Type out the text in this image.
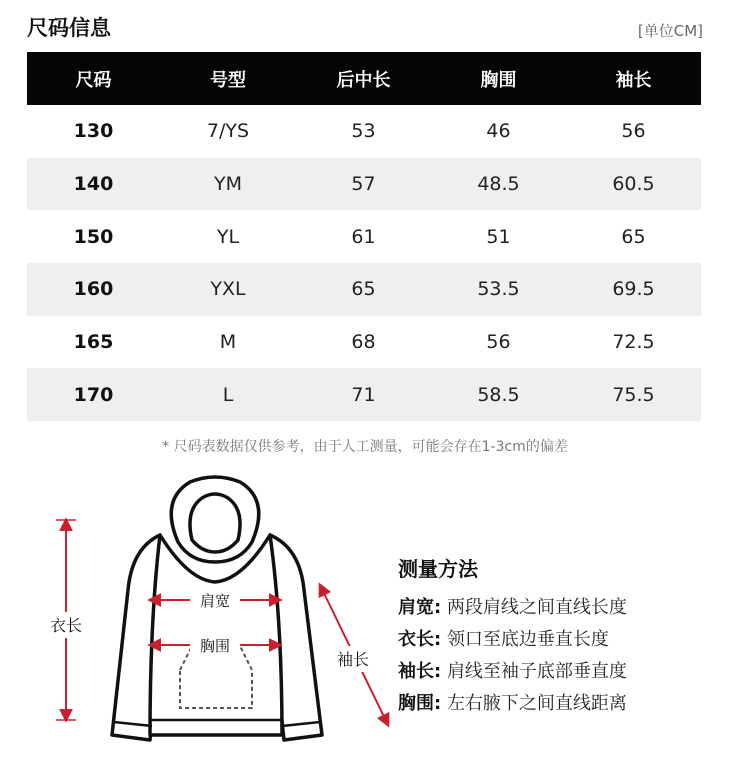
尺码信息	[单位CM]
尺码	号型	后中长	胸围	袖长
130	7/YS	53	46	56
140	YM	57	48.5	60.5
150	YL	61	51	65
160	YXL	65	53.5	69.5
165	M	68	56	72.5
170	L	71	58.5	75.5
* 尺码表数据仅供参考，由于人工测量，可能会存在1-3cm的偏差
衣长
肩宽
胸围
袖长
测量方法
肩宽: 两段肩线之间直线长度
衣长: 领口至底边垂直长度
袖长: 肩线至袖子底部垂直度
胸围: 左右腋下之间直线距离
